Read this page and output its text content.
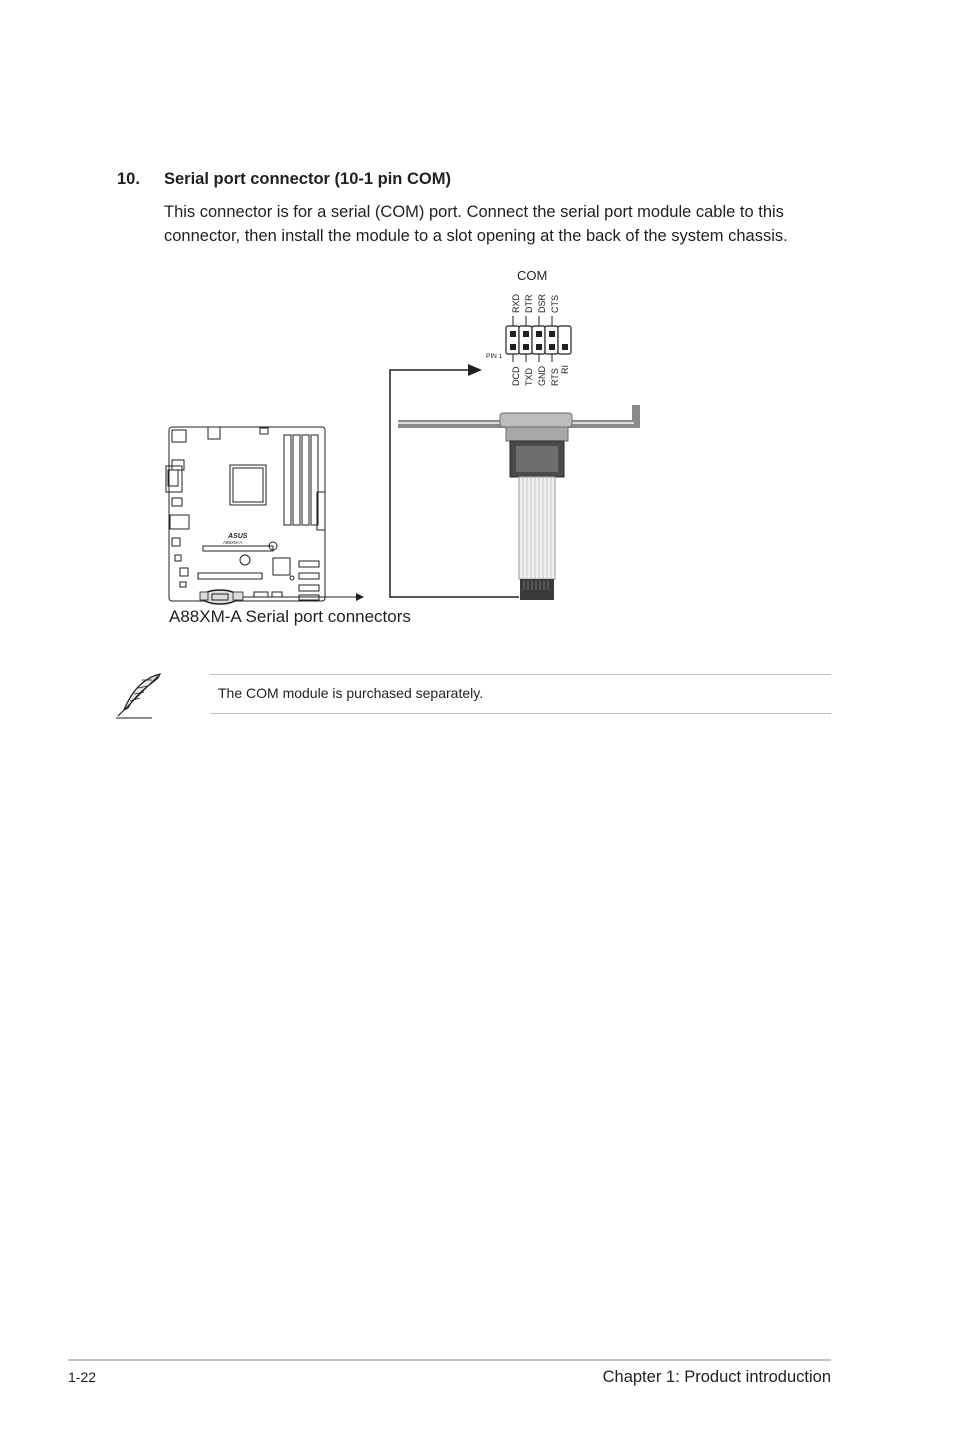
10. Serial port connector (10-1 pin COM)
This connector is for a serial (COM) port. Connect the serial port module cable to this
connector, then install the module to a slot opening at the back of the system chassis.
COM
RXD DTR DSR CTS
DCD TXD GND RTS RI
PIN 1
ASUS
A88XM-A
A88XM-A Serial port connectors
The COM module is purchased separately.
1-22	Chapter 1: Product introduction
